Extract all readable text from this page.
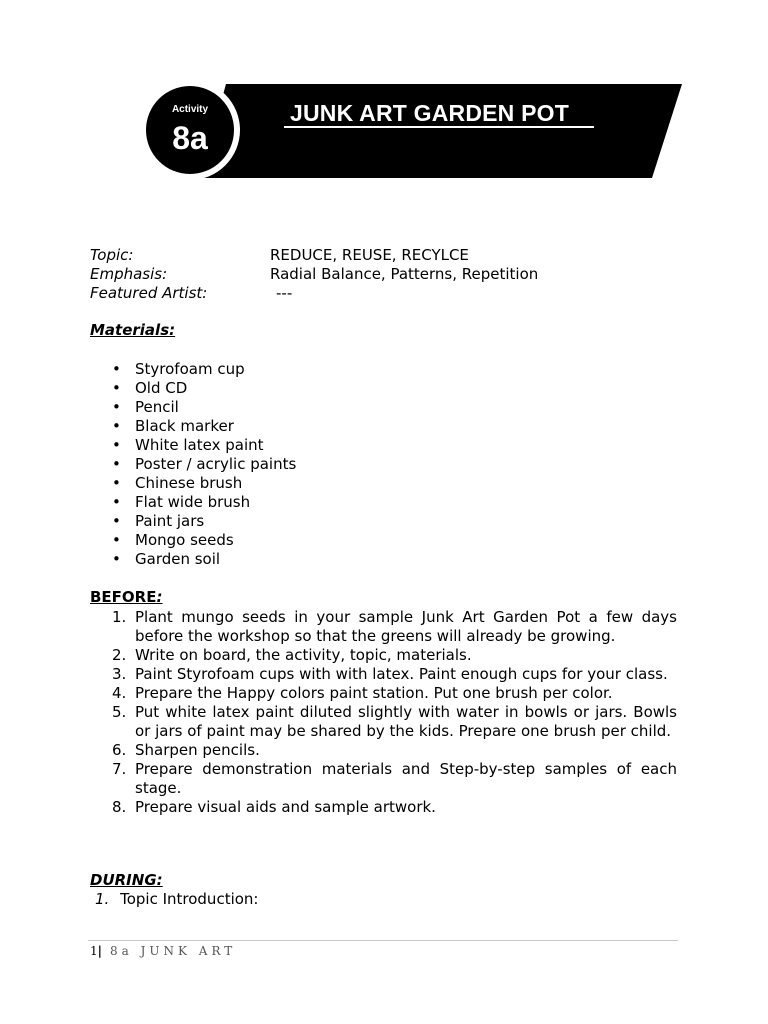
Activity
8a
JUNK ART GARDEN POT
Topic:	REDUCE, REUSE, RECYLCE
Emphasis:	Radial Balance, Patterns, Repetition
Featured Artist:	---
Materials:
• Styrofoam cup
• Old CD
• Pencil
• Black marker
• White latex paint
• Poster / acrylic paints
• Chinese brush
• Flat wide brush
• Paint jars
• Mongo seeds
• Garden soil
BEFORE:
1. Plant mungo seeds in your sample Junk Art Garden Pot a few days before the workshop so that the greens will already be growing.
2. Write on board, the activity, topic, materials.
3. Paint Styrofoam cups with with latex. Paint enough cups for your class.
4. Prepare the Happy colors paint station. Put one brush per color.
5. Put white latex paint diluted slightly with water in bowls or jars. Bowls or jars of paint may be shared by the kids. Prepare one brush per child.
6. Sharpen pencils.
7. Prepare demonstration materials and Step-by-step samples of each stage.
8. Prepare visual aids and sample artwork.
DURING:
1. Topic Introduction:
1| 8a JUNK ART
